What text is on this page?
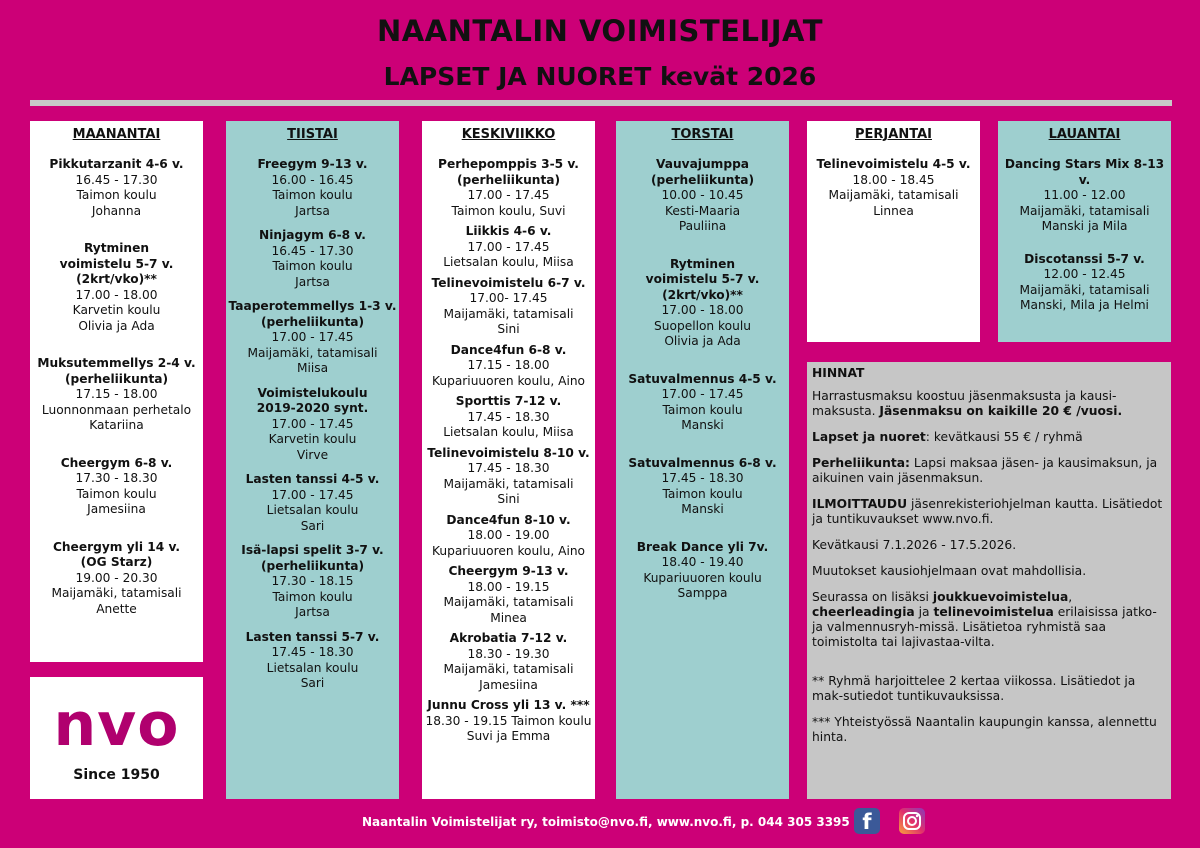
NAANTALIN VOIMISTELIJAT
LAPSET JA NUORET kevät 2026
MAANANTAI
Pikkutarzanit 4-6 v.
16.45 - 17.30
Taimon koulu
Johanna
Rytminen
voimistelu 5-7 v.
(2krt/vko)**
17.00 - 18.00
Karvetin koulu
Olivia ja Ada
Muksutemmellys 2-4 v.
(perheliikunta)
17.15 - 18.00
Luonnonmaan perhetalo
Katariina
Cheergym 6-8 v.
17.30 - 18.30
Taimon koulu
Jamesiina
Cheergym yli 14 v.
(OG Starz)
19.00 - 20.30
Maijamäki, tatamisali
Anette
TIISTAI
Freegym 9-13 v.
16.00 - 16.45
Taimon koulu
Jartsa
Ninjagym 6-8 v.
16.45 - 17.30
Taimon koulu
Jartsa
Taaperotemmellys 1-3 v.
(perheliikunta)
17.00 - 17.45
Maijamäki, tatamisali
Miisa
Voimistelukoulu
2019-2020 synt.
17.00 - 17.45
Karvetin koulu
Virve
Lasten tanssi 4-5 v.
17.00 - 17.45
Lietsalan koulu
Sari
Isä-lapsi spelit 3-7 v.
(perheliikunta)
17.30 - 18.15
Taimon koulu
Jartsa
Lasten tanssi 5-7 v.
17.45 - 18.30
Lietsalan koulu
Sari
KESKIVIIKKO
Perhepomppis 3-5 v.
(perheliikunta)
17.00 - 17.45
Taimon koulu, Suvi
Liikkis 4-6 v.
17.00 - 17.45
Lietsalan koulu, Miisa
Telinevoimistelu 6-7 v.
17.00- 17.45
Maijamäki, tatamisali
Sini
Dance4fun 6-8 v.
17.15 - 18.00
Kupariuuoren koulu, Aino
Sporttis 7-12 v.
17.45 - 18.30
Lietsalan koulu, Miisa
Telinevoimistelu 8-10 v.
17.45 - 18.30
Maijamäki, tatamisali
Sini
Dance4fun 8-10 v.
18.00 - 19.00
Kupariuuoren koulu, Aino
Cheergym 9-13 v.
18.00 - 19.15
Maijamäki, tatamisali
Minea
Akrobatia 7-12 v.
18.30 - 19.30
Maijamäki, tatamisali
Jamesiina
Junnu Cross yli 13 v. ***
18.30 - 19.15 Taimon koulu
Suvi ja Emma
TORSTAI
Vauvajumppa
(perheliikunta)
10.00 - 10.45
Kesti-Maaria
Pauliina
Rytminen
voimistelu 5-7 v.
(2krt/vko)**
17.00 - 18.00
Suopellon koulu
Olivia ja Ada
Satuvalmennus 4-5 v.
17.00 - 17.45
Taimon koulu
Manski
Satuvalmennus 6-8 v.
17.45 - 18.30
Taimon koulu
Manski
Break Dance yli 7v.
18.40 - 19.40
Kupariuuoren koulu
Samppa
PERJANTAI
Telinevoimistelu 4-5 v.
18.00 - 18.45
Maijamäki, tatamisali
Linnea
LAUANTAI
Dancing Stars Mix 8-13 v.
11.00 - 12.00
Maijamäki, tatamisali
Manski ja Mila
Discotanssi 5-7 v.
12.00 - 12.45
Maijamäki, tatamisali
Manski, Mila ja Helmi
HINNAT

Harrastusmaksu koostuu jäsenmaksusta ja kausi-maksusta. Jäsenmaksu on kaikille 20 € /vuosi.

Lapset ja nuoret: kevätkausi 55 € / ryhmä

Perheliikunta: Lapsi maksaa jäsen- ja kausimaksun, ja aikuinen vain jäsenmaksun.

ILMOITTAUDU jäsenrekisteriohjelman kautta. Lisätiedot ja tuntikuvaukset www.nvo.fi.

Kevätkausi 7.1.2026 - 17.5.2026.

Muutokset kausiohjelmaan ovat mahdollisia.

Seurassa on lisäksi joukkuevoimistelua, cheerleadingia ja telinevoimistelua erilaisissa jatko- ja valmennusryh-missä. Lisätietoa ryhmistä saa toimistolta tai lajivastaa-vilta.

** Ryhmä harjoittelee 2 kertaa viikossa. Lisätiedot ja mak-sutiedot tuntikuvauksissa.

*** Yhteistyössä Naantalin kaupungin kanssa, alennettu hinta.

nvo
Since 1950
Naantalin Voimistelijat ry, toimisto@nvo.fi, www.nvo.fi, p. 044 305 3395 f
